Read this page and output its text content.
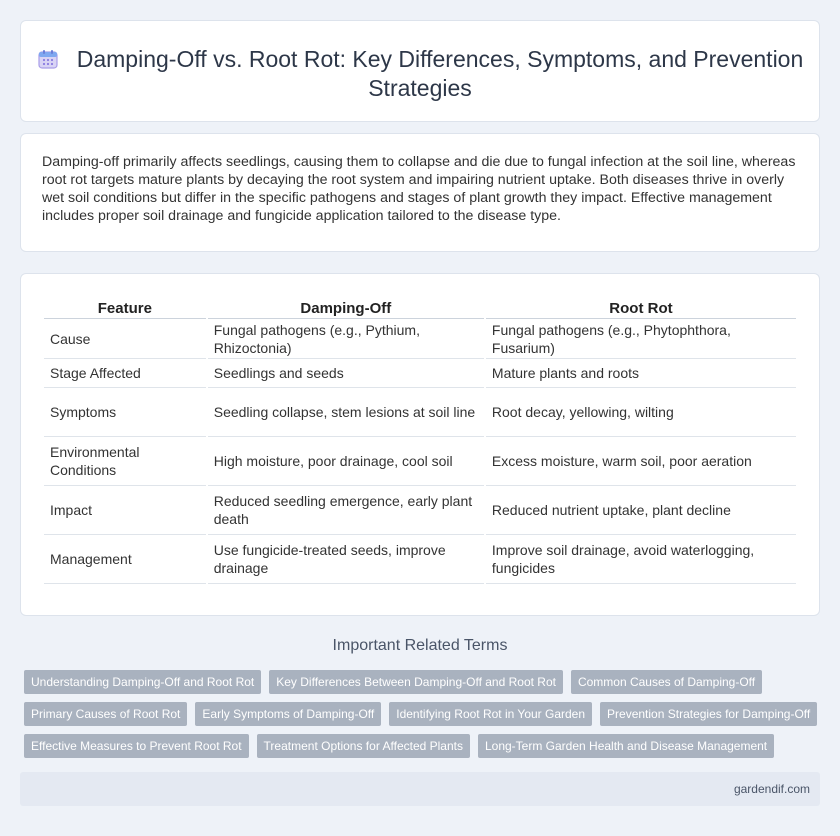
Damping-Off vs. Root Rot: Key Differences, Symptoms, and Prevention Strategies

Damping-off primarily affects seedlings, causing them to collapse and die due to fungal infection at the soil line, whereas root rot targets mature plants by decaying the root system and impairing nutrient uptake. Both diseases thrive in overly wet soil conditions but differ in the specific pathogens and stages of plant growth they impact. Effective management includes proper soil drainage and fungicide application tailored to the disease type.

Feature	Damping-Off	Root Rot
Cause	Fungal pathogens (e.g., Pythium, Rhizoctonia)	Fungal pathogens (e.g., Phytophthora, Fusarium)
Stage Affected	Seedlings and seeds	Mature plants and roots
Symptoms	Seedling collapse, stem lesions at soil line	Root decay, yellowing, wilting
Environmental Conditions	High moisture, poor drainage, cool soil	Excess moisture, warm soil, poor aeration
Impact	Reduced seedling emergence, early plant death	Reduced nutrient uptake, plant decline
Management	Use fungicide-treated seeds, improve drainage	Improve soil drainage, avoid waterlogging, fungicides
Important Related Terms
Understanding Damping-Off and Root Rot	Key Differences Between Damping-Off and Root Rot	Common Causes of Damping-Off
Primary Causes of Root Rot	Early Symptoms of Damping-Off	Identifying Root Rot in Your Garden	Prevention Strategies for Damping-Off
Effective Measures to Prevent Root Rot	Treatment Options for Affected Plants	Long-Term Garden Health and Disease Management
gardendif.com
